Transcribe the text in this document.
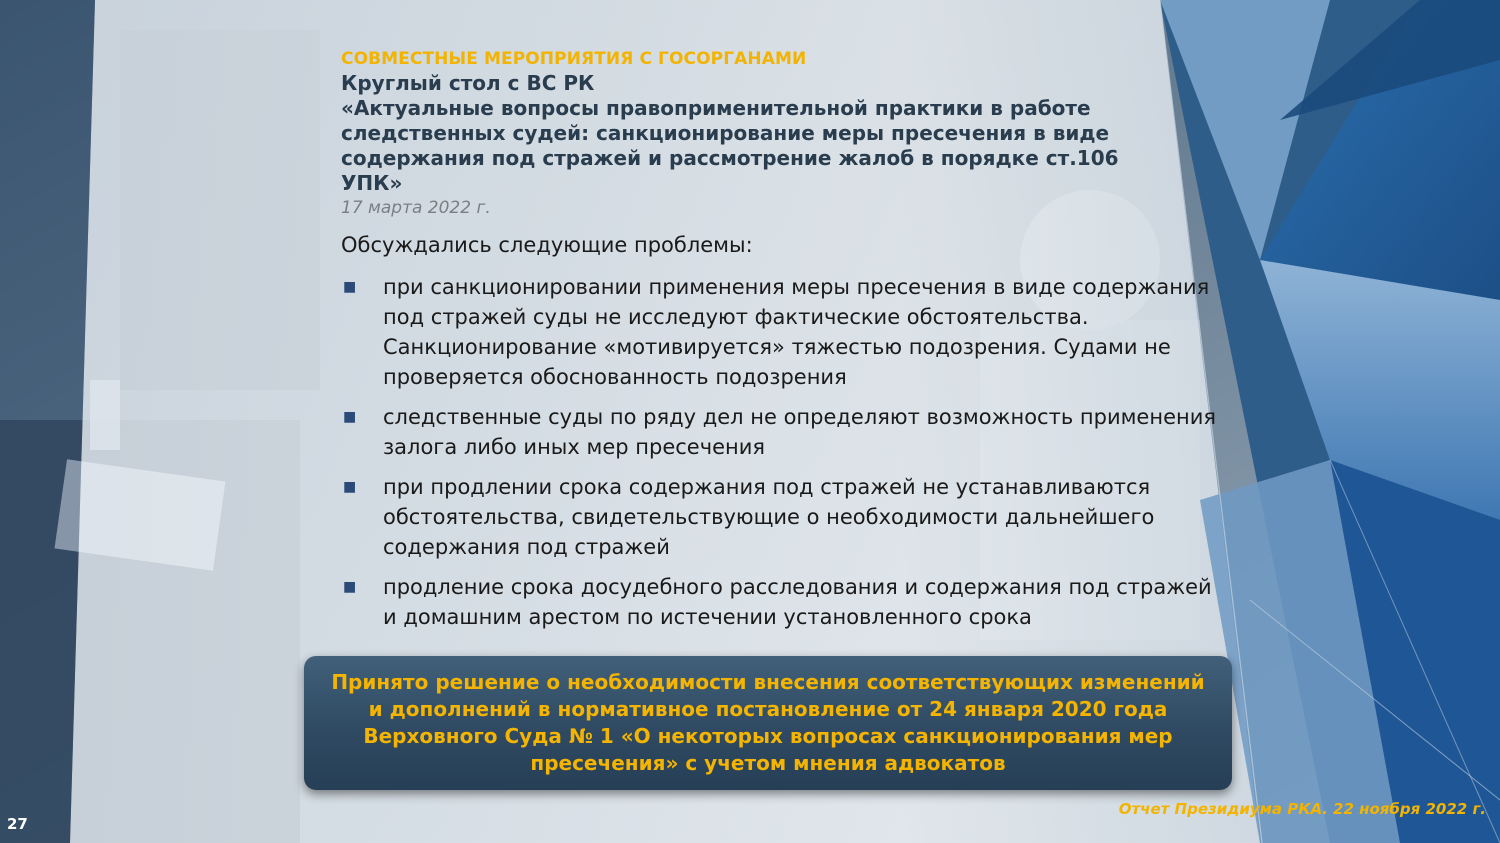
СОВМЕСТНЫЕ МЕРОПРИЯТИЯ С ГОСОРГАНАМИ

Круглый стол с ВС РК

«Актуальные вопросы правоприменительной практики в работе следственных судей: санкционирование меры пресечения в виде содержания под стражей и рассмотрение жалоб в порядке ст.106 УПК»

17 марта 2022 г.

Обсуждались следующие проблемы:

■ при санкционировании применения меры пресечения в виде содержания под стражей суды не исследуют фактические обстоятельства. Санкционирование «мотивируется» тяжестью подозрения. Судами не проверяется обоснованность подозрения
■ следственные суды по ряду дел не определяют возможность применения залога либо иных мер пресечения
■ при продлении срока содержания под стражей не устанавливаются обстоятельства, свидетельствующие о необходимости дальнейшего содержания под стражей
■ продление срока досудебного расследования и содержания под стражей и домашним арестом по истечении установленного срока

Принято решение о необходимости внесения соответствующих изменений и дополнений в нормативное постановление от 24 января 2020 года Верховного Суда № 1 «О некоторых вопросах санкционирования мер пресечения» с учетом мнения адвокатов

27
Отчет Президиума РКА. 22 ноября 2022 г.
